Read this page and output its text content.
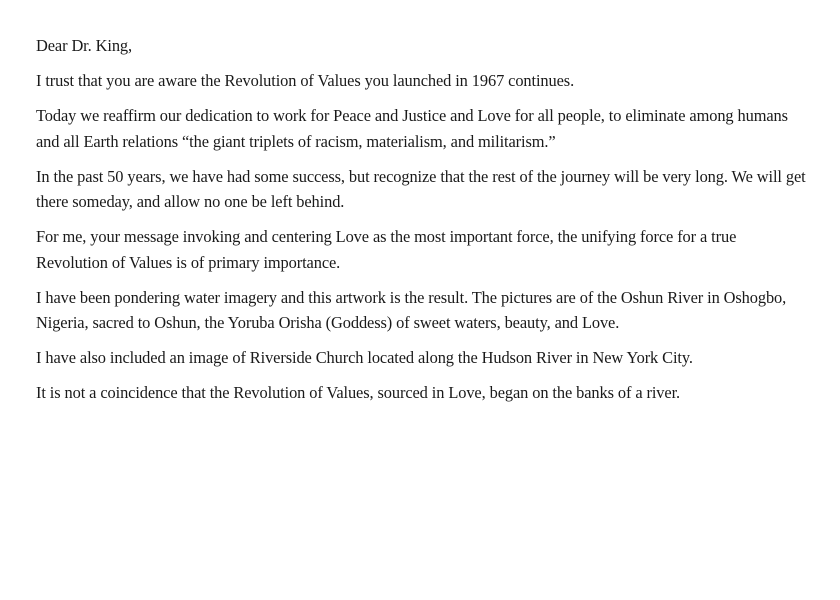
Dear Dr. King,

I trust that you are aware the Revolution of Values you launched in 1967 continues.

Today we reaffirm our dedication to work for Peace and Justice and Love for all people, to eliminate among humans and all Earth relations “the giant triplets of racism, materialism, and militarism.”

In the past 50 years, we have had some success, but recognize that the rest of the journey will be very long. We will get there someday, and allow no one be left behind.

For me, your message invoking and centering Love as the most important force, the unifying force for a true Revolution of Values is of primary importance.

I have been pondering water imagery and this artwork is the result. The pictures are of the Oshun River in Oshogbo, Nigeria, sacred to Oshun, the Yoruba Orisha (Goddess) of sweet waters, beauty, and Love.

I have also included an image of Riverside Church located along the Hudson River in New York City.

It is not a coincidence that the Revolution of Values, sourced in Love, began on the banks of a river.
